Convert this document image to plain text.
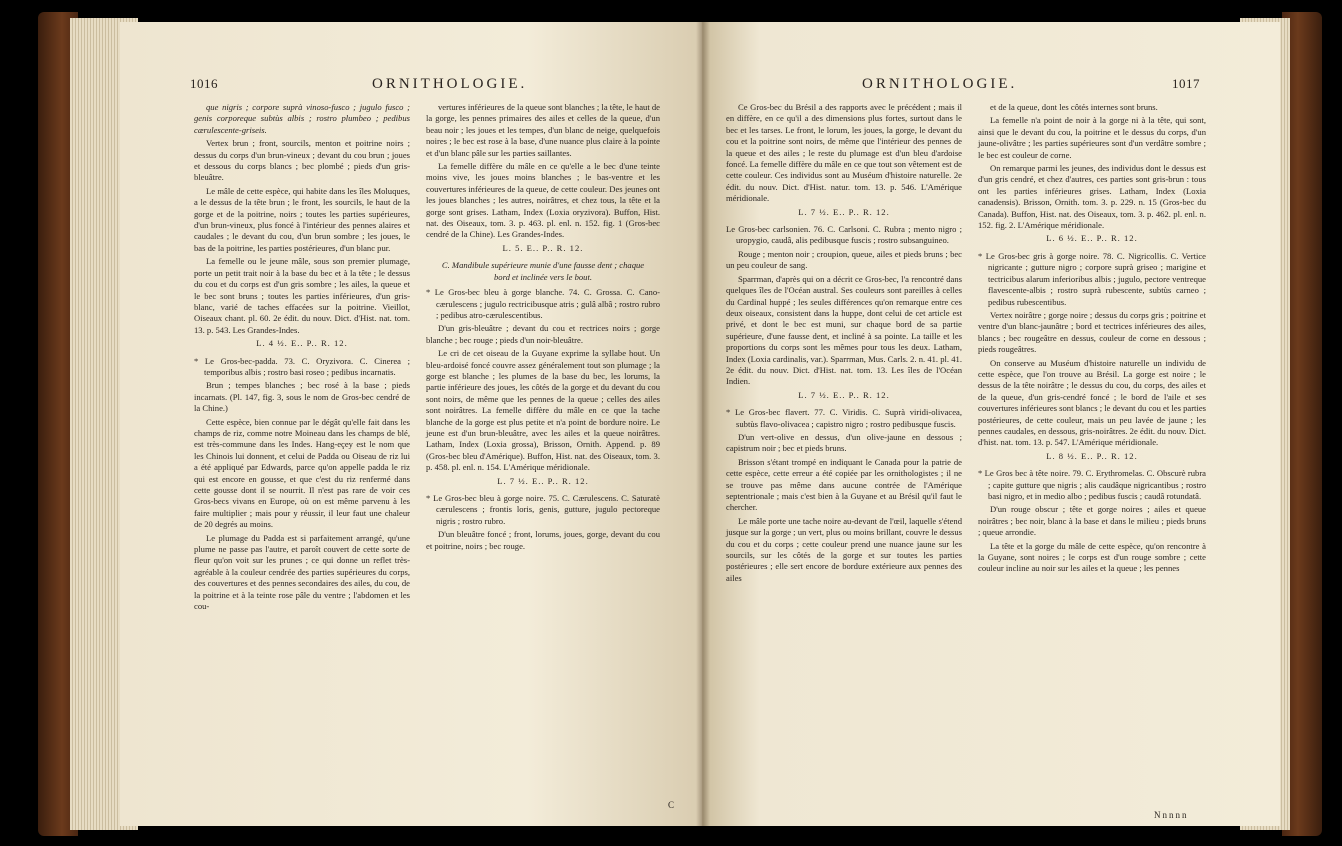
1016	ORNITHOLOGIE.

que nigris ; corpore suprà vinoso-fusco ; jugulo fusco ; genis corporeque subtùs albis ; rostro plumbeo ; pedibus cærulescente-griseis.

Vertex brun ; front, sourcils, menton et poitrine noirs ; dessus du corps d'un brun-vineux ; devant du cou brun ; joues et dessous du corps blancs ; bec plombé ; pieds d'un gris-bleuâtre.

Le mâle de cette espèce, qui habite dans les îles Moluques, a le dessus de la tête brun ; le front, les sourcils, le haut de la gorge et de la poitrine, noirs ; toutes les parties supérieures, d'un brun-vineux, plus foncé à l'intérieur des pennes alaires et caudales ; le devant du cou, d'un brun sombre ; les joues, le bas de la poitrine, les parties postérieures, d'un blanc pur.

La femelle ou le jeune mâle, sous son premier plumage, porte un petit trait noir à la base du bec et à la tête ; le dessus du cou et du corps est d'un gris sombre ; les ailes, la queue et le bec sont bruns ; toutes les parties inférieures, d'un gris-blanc, varié de taches effacées sur la poitrine. Vieillot, Oiseaux chant. pl. 60. 2e édit. du nouv. Dict. d'Hist. nat. tom. 13. p. 543. Les Grandes-Indes.

L. 4 ½. E.. P.. R. 12.

* Le Gros-bec-padda. 73. C. Oryzivora. C. Cinerea ; temporibus albis ; rostro basi roseo ; pedibus incarnatis.

Brun ; tempes blanches ; bec rosé à la base ; pieds incarnats. (Pl. 147, fig. 3, sous le nom de Gros-bec cendré de la Chine.)

Cette espèce, bien connue par le dégât qu'elle fait dans les champs de riz, comme notre Moineau dans les champs de blé, est très-commune dans les Indes. Hang-eçey est le nom que les Chinois lui donnent, et celui de Padda ou Oiseau de riz lui a été appliqué par Edwards, parce qu'on appelle padda le riz qui est encore en gousse, et que c'est du riz renfermé dans cette gousse dont il se nourrit. Il n'est pas rare de voir ces Gros-becs vivans en Europe, où on est même parvenu à les faire multiplier ; mais pour y réussir, il leur faut une chaleur de 20 degrés au moins.

Le plumage du Padda est si parfaitement arrangé, qu'une plume ne passe pas l'autre, et paroît couvert de cette sorte de fleur qu'on voit sur les prunes ; ce qui donne un reflet très-agréable à la couleur cendrée des parties supérieures du corps, des couvertures et des pennes secondaires des ailes, du cou, de la poitrine et à la teinte rose pâle du ventre ; l'abdomen et les cou-

vertures inférieures de la queue sont blanches ; la tête, le haut de la gorge, les pennes primaires des ailes et celles de la queue, d'un beau noir ; les joues et les tempes, d'un blanc de neige, quelquefois noires ; le bec est rose à la base, d'une nuance plus claire à la pointe et d'un blanc pâle sur les parties saillantes.

La femelle diffère du mâle en ce qu'elle a le bec d'une teinte moins vive, les joues moins blanches ; le bas-ventre et les couvertures inférieures de la queue, de cette couleur. Des jeunes ont les joues blanches ; les autres, noirâtres, et chez tous, la tête et la gorge sont grises. Latham, Index (Loxia oryzivora). Buffon, Hist. nat. des Oiseaux, tom. 3. p. 463. pl. enl. n. 152. fig. 1 (Gros-bec cendré de la Chine). Les Grandes-Indes.

L. 5. E.. P.. R. 12.

C. Mandibule supérieure munie d'une fausse dent ; chaque bord et inclinée vers le bout.

* Le Gros-bec bleu à gorge blanche. 74. C. Grossa. C. Cano-cærulescens ; jugulo rectricibusque atris ; gulâ albâ ; rostro rubro ; pedibus atro-cærulescentibus.

D'un gris-bleuâtre ; devant du cou et rectrices noirs ; gorge blanche ; bec rouge ; pieds d'un noir-bleuâtre.

Le cri de cet oiseau de la Guyane exprime la syllabe hout. Un bleu-ardoisé foncé couvre assez généralement tout son plumage ; la gorge est blanche ; les plumes de la base du bec, les lorums, la partie inférieure des joues, les côtés de la gorge et du devant du cou sont noirs, de même que les pennes de la queue ; celles des ailes sont noirâtres. La femelle diffère du mâle en ce que la tache blanche de la gorge est plus petite et n'a point de bordure noire. Le jeune est d'un brun-bleuâtre, avec les ailes et la queue noirâtres. Latham, Index (Loxia grossa), Brisson, Ornith. Append. p. 89 (Gros-bec bleu d'Amérique). Buffon, Hist. nat. des Oiseaux, tom. 3. p. 458. pl. enl. n. 154. L'Amérique méridionale.

L. 7 ½. E.. P.. R. 12.

* Le Gros-bec bleu à gorge noire. 75. C. Cærulescens. C. Saturatè cærulescens ; frontis loris, genis, gutture, jugulo pectoreque nigris ; rostro rubro.

D'un bleuâtre foncé ; front, lorums, joues, gorge, devant du cou et poitrine, noirs ; bec rouge.

C
ORNITHOLOGIE.	1017

Ce Gros-bec du Brésil a des rapports avec le précédent ; mais il en diffère, en ce qu'il a des dimensions plus fortes, surtout dans le bec et les tarses. Le front, le lorum, les joues, la gorge, le devant du cou et la poitrine sont noirs, de même que l'intérieur des pennes de la queue et des ailes ; le reste du plumage est d'un bleu d'ardoise foncé. La femelle diffère du mâle en ce que tout son vêtement est de cette couleur. Ces individus sont au Muséum d'histoire naturelle. 2e édit. du nouv. Dict. d'Hist. natur. tom. 13. p. 546. L'Amérique méridionale.

L. 7 ½. E.. P.. R. 12.

Le Gros-bec carlsonien. 76. C. Carlsoni. C. Rubra ; mento nigro ; uropygio, caudâ, alis pedibusque fuscis ; rostro subsanguineo.

Rouge ; menton noir ; croupion, queue, ailes et pieds bruns ; bec un peu couleur de sang.

Sparrman, d'après qui on a décrit ce Gros-bec, l'a rencontré dans quelques îles de l'Océan austral. Ses couleurs sont pareilles à celles du Cardinal huppé ; les seules différences qu'on remarque entre ces deux oiseaux, consistent dans la huppe, dont celui de cet article est privé, et dont le bec est muni, sur chaque bord de sa partie supérieure, d'une fausse dent, et incliné à sa pointe. La taille et les proportions du corps sont les mêmes pour tous les deux. Latham, Index (Loxia cardinalis, var.). Sparrman, Mus. Carls. 2. n. 41. pl. 41. 2e édit. du nouv. Dict. d'Hist. nat. tom. 13. Les îles de l'Océan Indien.

L. 7 ½. E.. P.. R. 12.

* Le Gros-bec flavert. 77. C. Viridis. C. Suprà viridi-olivacea, subtùs flavo-olivacea ; capistro nigro ; rostro pedibusque fuscis.

D'un vert-olive en dessus, d'un olive-jaune en dessous ; capistrum noir ; bec et pieds bruns.

Brisson s'étant trompé en indiquant le Canada pour la patrie de cette espèce, cette erreur a été copiée par les ornithologistes ; il ne se trouve pas même dans aucune contrée de l'Amérique septentrionale ; mais c'est bien à la Guyane et au Brésil qu'il faut le chercher.

Le mâle porte une tache noire au-devant de l'œil, laquelle s'étend jusque sur la gorge ; un vert, plus ou moins brillant, couvre le dessus du cou et du corps ; cette couleur prend une nuance jaune sur les sourcils, sur les côtés de la gorge et sur toutes les parties postérieures ; elle sert encore de bordure extérieure aux pennes des ailes

et de la queue, dont les côtés internes sont bruns.

La femelle n'a point de noir à la gorge ni à la tête, qui sont, ainsi que le devant du cou, la poitrine et le dessus du corps, d'un jaune-olivâtre ; les parties supérieures sont d'un verdâtre sombre ; le bec est couleur de corne.

On remarque parmi les jeunes, des individus dont le dessus est d'un gris cendré, et chez d'autres, ces parties sont gris-brun : tous ont les parties inférieures grises. Latham, Index (Loxia canadensis). Brisson, Ornith. tom. 3. p. 229. n. 15 (Gros-bec du Canada). Buffon, Hist. nat. des Oiseaux, tom. 3. p. 462. pl. enl. n. 152. fig. 2. L'Amérique méridionale.

L. 6 ½. E.. P.. R. 12.

* Le Gros-bec gris à gorge noire. 78. C. Nigricollis. C. Vertice nigricante ; gutture nigro ; corpore suprà griseo ; marigine et tectricibus alarum inferioribus albis ; jugulo, pectore ventreque flavescente-albis ; rostro suprà rubescente, subtùs carneo ; pedibus rubescentibus.

Vertex noirâtre ; gorge noire ; dessus du corps gris ; poitrine et ventre d'un blanc-jaunâtre ; bord et tectrices inférieures des ailes, blancs ; bec rougeâtre en dessus, couleur de corne en dessous ; pieds rougeâtres.

On conserve au Muséum d'histoire naturelle un individu de cette espèce, que l'on trouve au Brésil. La gorge est noire ; le dessus de la tête noirâtre ; le dessus du cou, du corps, des ailes et de la queue, d'un gris-cendré foncé ; le bord de l'aile et ses couvertures inférieures sont blancs ; le devant du cou et les parties postérieures, de cette couleur, mais un peu lavée de jaune ; les pennes caudales, en dessous, gris-noirâtres. 2e édit. du nouv. Dict. d'hist. nat. tom. 13. p. 547. L'Amérique méridionale.

L. 8 ½. E.. P.. R. 12.

* Le Gros bec à tête noire. 79. C. Erythromelas. C. Obscurè rubra ; capite gutture que nigris ; alis caudâque nigricantibus ; rostro basi nigro, et in medio albo ; pedibus fuscis ; caudâ rotundatâ.

D'un rouge obscur ; tête et gorge noires ; ailes et queue noirâtres ; bec noir, blanc à la base et dans le milieu ; pieds bruns ; queue arrondie.

La tête et la gorge du mâle de cette espèce, qu'on rencontre à la Guyane, sont noires ; le corps est d'un rouge sombre ; cette couleur incline au noir sur les ailes et la queue ; les pennes

Nnnnn
